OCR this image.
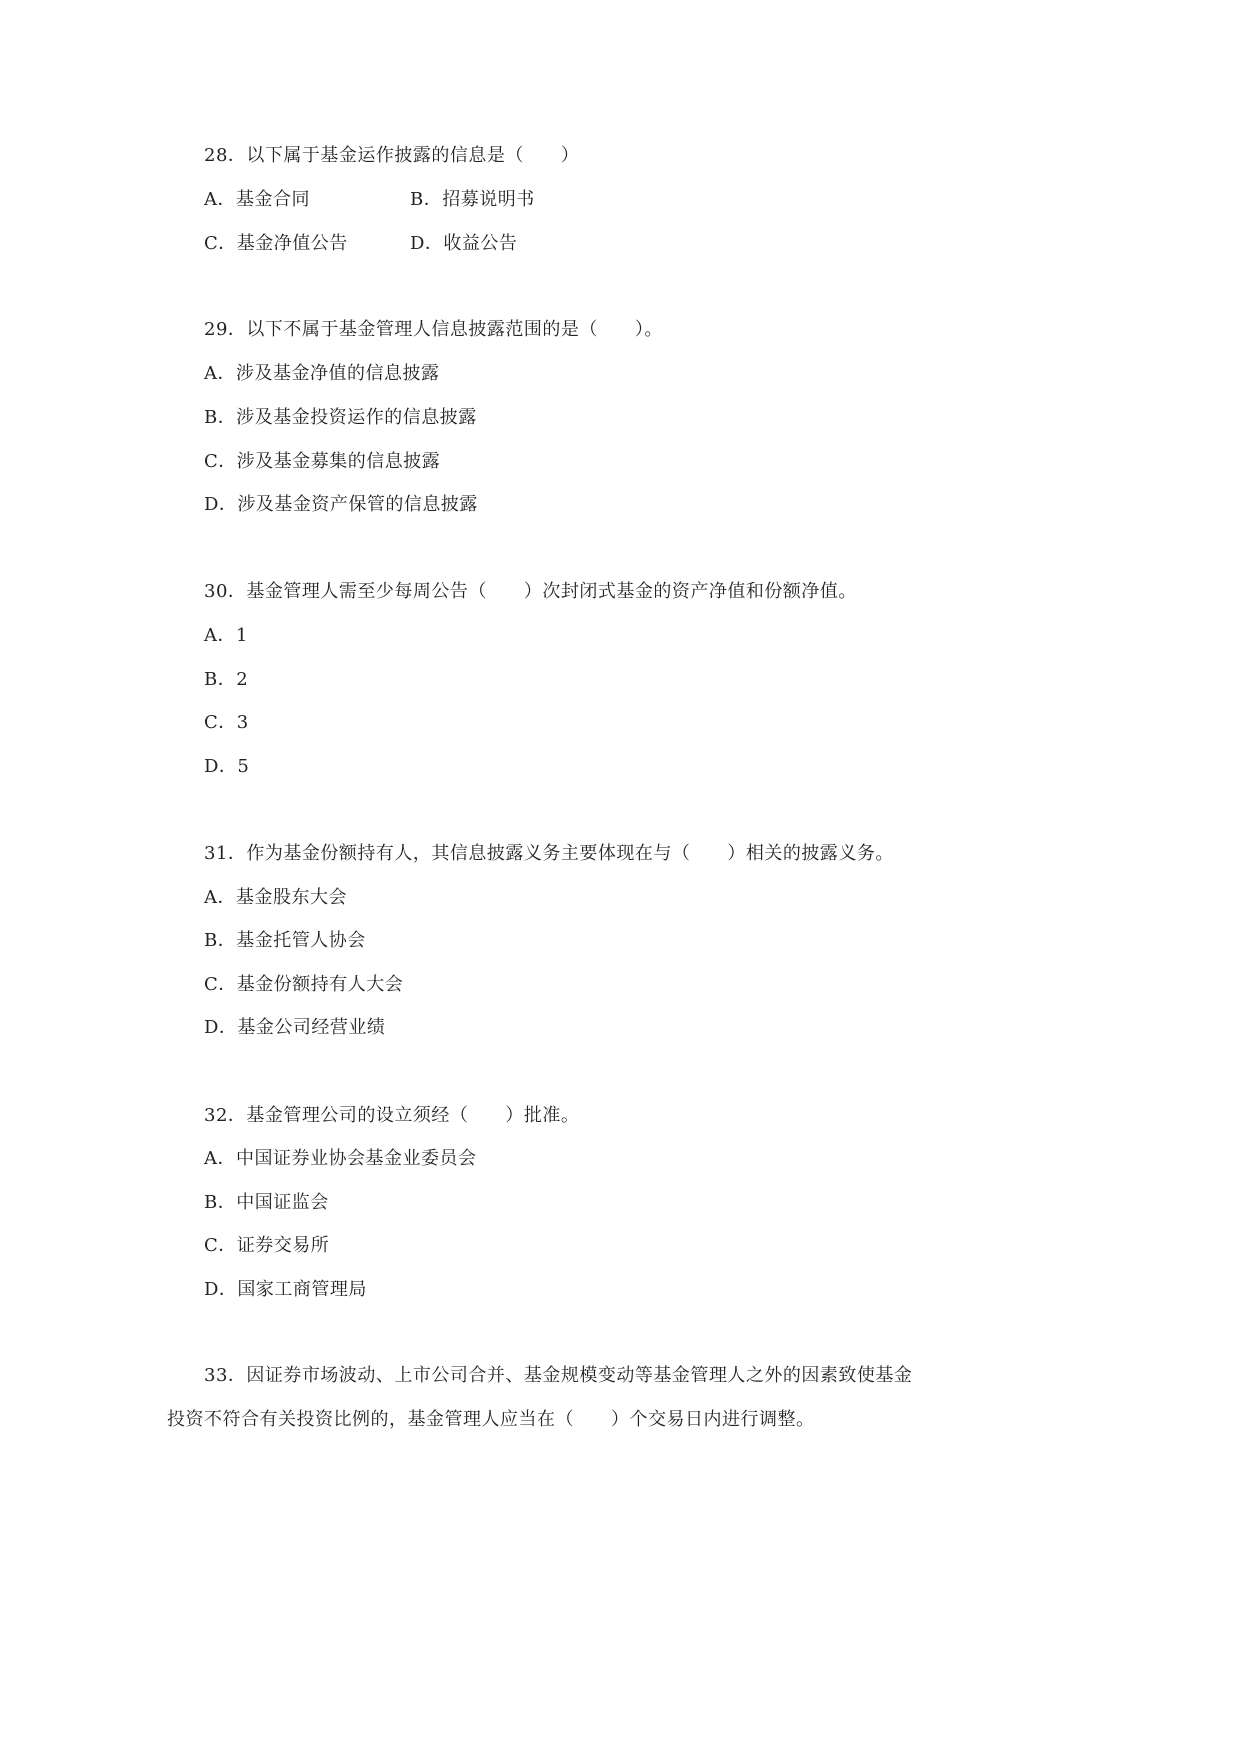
28．以下属于基金运作披露的信息是（　　）
A．基金合同	B．招募说明书
C．基金净值公告	D．收益公告
29．以下不属于基金管理人信息披露范围的是（　　）。
A．涉及基金净值的信息披露
B．涉及基金投资运作的信息披露
C．涉及基金募集的信息披露
D．涉及基金资产保管的信息披露
30．基金管理人需至少每周公告（　　）次封闭式基金的资产净值和份额净值。
A．1
B．2
C．3
D．5
31．作为基金份额持有人，其信息披露义务主要体现在与（　　）相关的披露义务。
A．基金股东大会
B．基金托管人协会
C．基金份额持有人大会
D．基金公司经营业绩
32．基金管理公司的设立须经（　　）批准。
A．中国证券业协会基金业委员会
B．中国证监会
C．证券交易所
D．国家工商管理局
33．因证券市场波动、上市公司合并、基金规模变动等基金管理人之外的因素致使基金
投资不符合有关投资比例的，基金管理人应当在（　　）个交易日内进行调整。
